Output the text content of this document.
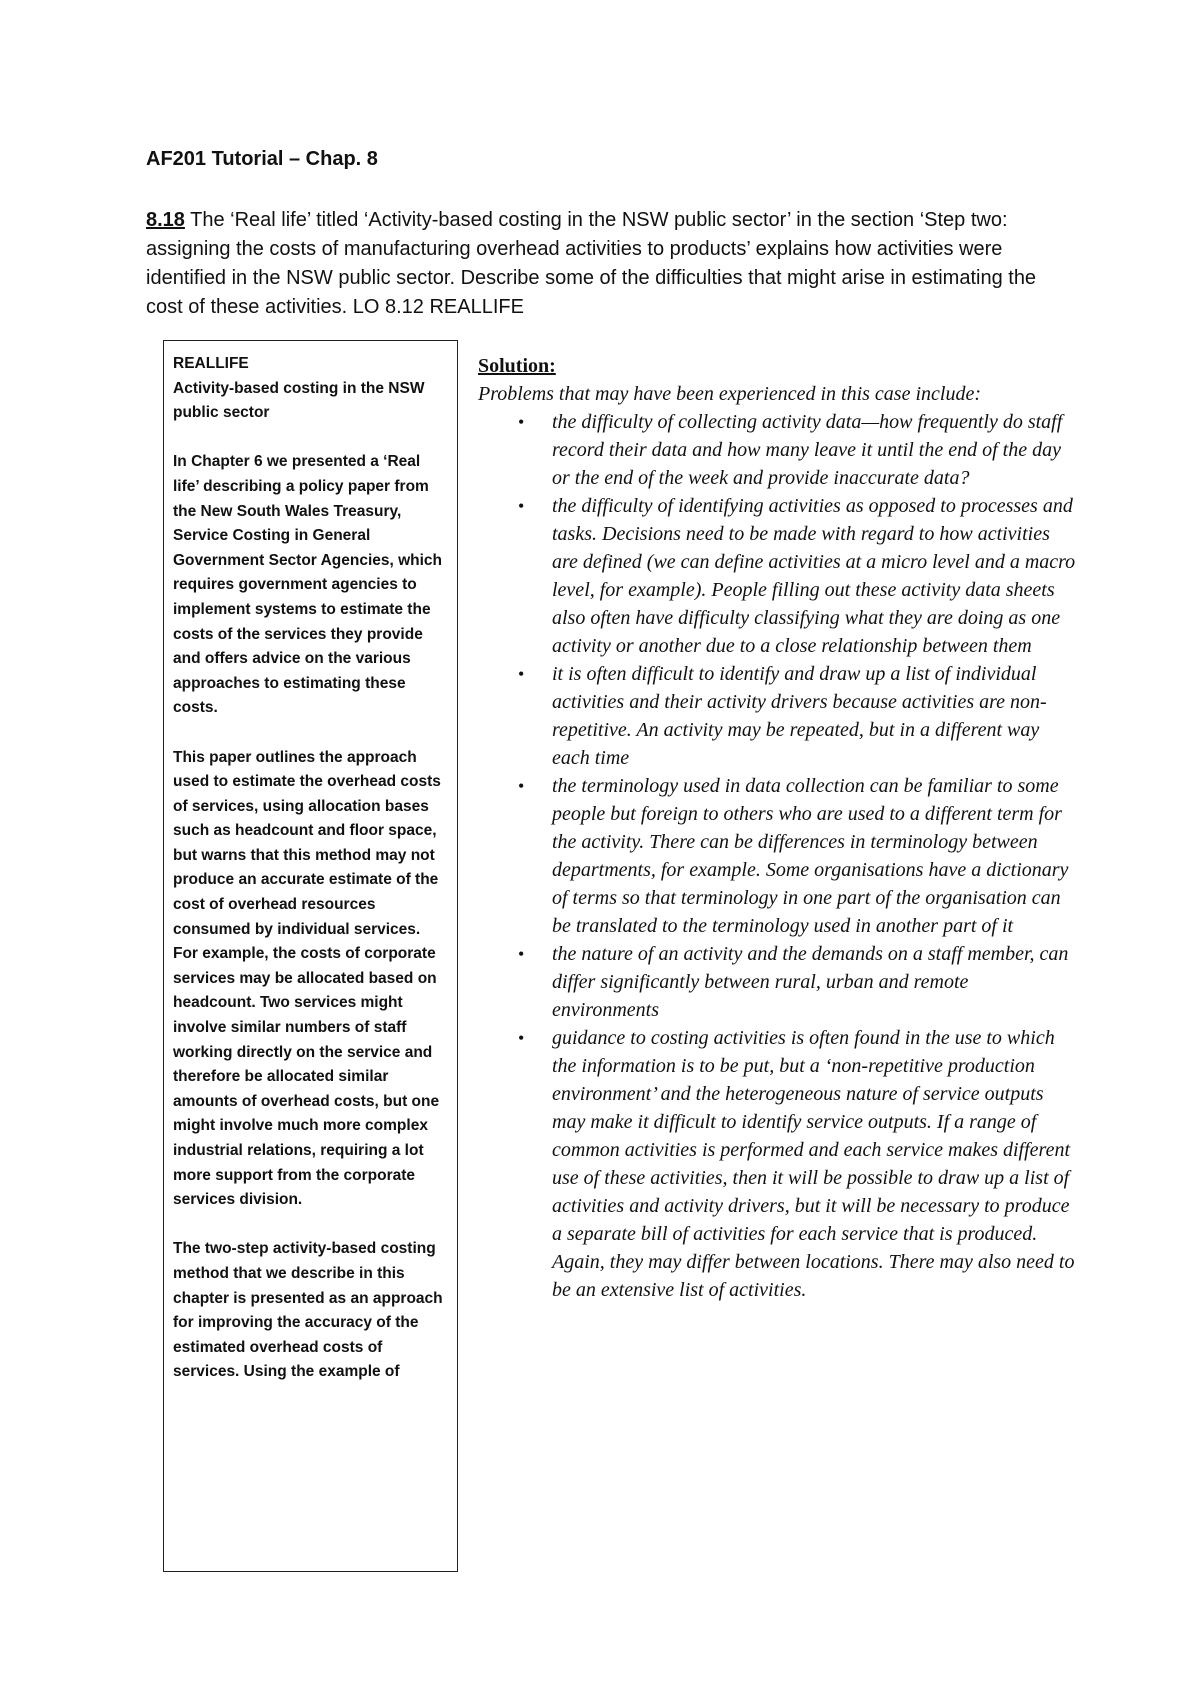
AF201 Tutorial – Chap. 8

8.18 The ‘Real life’ titled ‘Activity-based costing in the NSW public sector’ in the section ‘Step two: assigning the costs of manufacturing overhead activities to products’ explains how activities were identified in the NSW public sector. Describe some of the difficulties that might arise in estimating the cost of these activities. LO 8.12 REALLIFE

REALLIFE

Activity-based costing in the NSW public sector

In Chapter 6 we presented a ‘Real life’ describing a policy paper from the New South Wales Treasury, Service Costing in General Government Sector Agencies, which requires government agencies to implement systems to estimate the costs of the services they provide and offers advice on the various approaches to estimating these costs.

This paper outlines the approach used to estimate the overhead costs of services, using allocation bases such as headcount and floor space, but warns that this method may not produce an accurate estimate of the cost of overhead resources consumed by individual services. For example, the costs of corporate services may be allocated based on headcount. Two services might involve similar numbers of staff working directly on the service and therefore be allocated similar amounts of overhead costs, but one might involve much more complex industrial relations, requiring a lot more support from the corporate services division.

The two-step activity-based costing method that we describe in this chapter is presented as an approach for improving the accuracy of the estimated overhead costs of services. Using the example of

Solution:

Problems that may have been experienced in this case include:

• the difficulty of collecting activity data—how frequently do staff record their data and how many leave it until the end of the day or the end of the week and provide inaccurate data?
• the difficulty of identifying activities as opposed to processes and tasks. Decisions need to be made with regard to how activities are defined (we can define activities at a micro level and a macro level, for example). People filling out these activity data sheets also often have difficulty classifying what they are doing as one activity or another due to a close relationship between them
• it is often difficult to identify and draw up a list of individual activities and their activity drivers because activities are non-repetitive. An activity may be repeated, but in a different way each time
• the terminology used in data collection can be familiar to some people but foreign to others who are used to a different term for the activity. There can be differences in terminology between departments, for example. Some organisations have a dictionary of terms so that terminology in one part of the organisation can be translated to the terminology used in another part of it
• the nature of an activity and the demands on a staff member, can differ significantly between rural, urban and remote environments
• guidance to costing activities is often found in the use to which the information is to be put, but a ‘non-repetitive production environment’ and the heterogeneous nature of service outputs may make it difficult to identify service outputs. If a range of common activities is performed and each service makes different use of these activities, then it will be possible to draw up a list of activities and activity drivers, but it will be necessary to produce a separate bill of activities for each service that is produced. Again, they may differ between locations. There may also need to be an extensive list of activities.
